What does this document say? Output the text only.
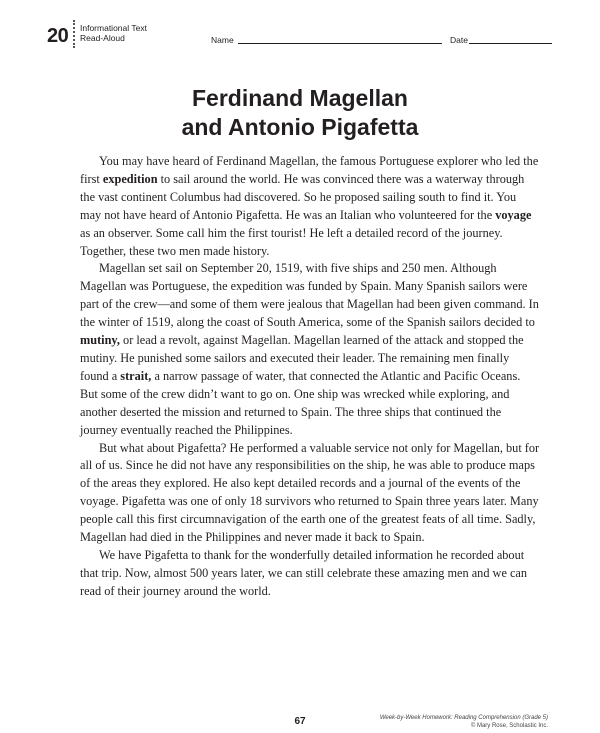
20 Informational Text
Read-Aloud	Name	Date
Ferdinand Magellan
and Antonio Pigafetta

You may have heard of Ferdinand Magellan, the famous Portuguese explorer who led the first expedition to sail around the world. He was convinced there was a waterway through the vast continent Columbus had discovered. So he proposed sailing south to find it. You may not have heard of Antonio Pigafetta. He was an Italian who volunteered for the voyage as an observer. Some call him the first tourist! He left a detailed record of the journey. Together, these two men made history.

Magellan set sail on September 20, 1519, with five ships and 250 men. Although Magellan was Portuguese, the expedition was funded by Spain. Many Spanish sailors were part of the crew—and some of them were jealous that Magellan had been given command. In the winter of 1519, along the coast of South America, some of the Spanish sailors decided to mutiny, or lead a revolt, against Magellan. Magellan learned of the attack and stopped the mutiny. He punished some sailors and executed their leader. The remaining men finally found a strait, a narrow passage of water, that connected the Atlantic and Pacific Oceans. But some of the crew didn’t want to go on. One ship was wrecked while exploring, and another deserted the mission and returned to Spain. The three ships that continued the journey eventually reached the Philippines.

But what about Pigafetta? He performed a valuable service not only for Magellan, but for all of us. Since he did not have any responsibilities on the ship, he was able to produce maps of the areas they explored. He also kept detailed records and a journal of the events of the voyage. Pigafetta was one of only 18 survivors who returned to Spain three years later. Many people call this first circumnavigation of the earth one of the greatest feats of all time. Sadly, Magellan had died in the Philippines and never made it back to Spain.

We have Pigafetta to thank for the wonderfully detailed information he recorded about that trip. Now, almost 500 years later, we can still celebrate these amazing men and we can read of their journey around the world.

67	Week-by-Week Homework: Reading Comprehension (Grade 5)
© Mary Rose, Scholastic Inc.
